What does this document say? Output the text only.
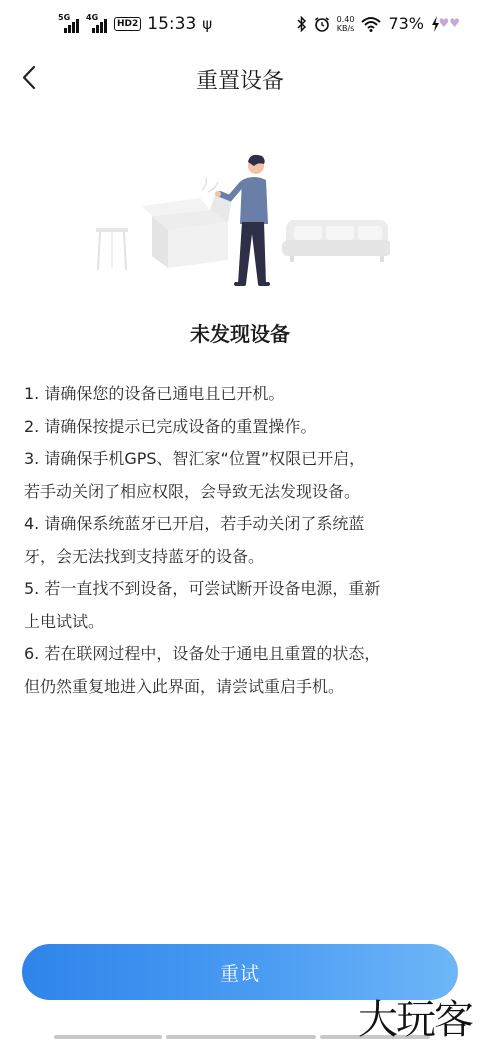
5G 4G
HD2 15:33 ψ	0.40
KB/s 73% ♥♥
重置设备
未发现设备
1. 请确保您的设备已通电且已开机。
2. 请确保按提示已完成设备的重置操作。
3. 请确保手机GPS、智汇家“位置”权限已开启，
若手动关闭了相应权限，会导致无法发现设备。
4. 请确保系统蓝牙已开启，若手动关闭了系统蓝
牙，会无法找到支持蓝牙的设备。
5. 若一直找不到设备，可尝试断开设备电源，重新
上电试试。
6. 若在联网过程中，设备处于通电且重置的状态，
但仍然重复地进入此界面，请尝试重启手机。
重试
大玩客
